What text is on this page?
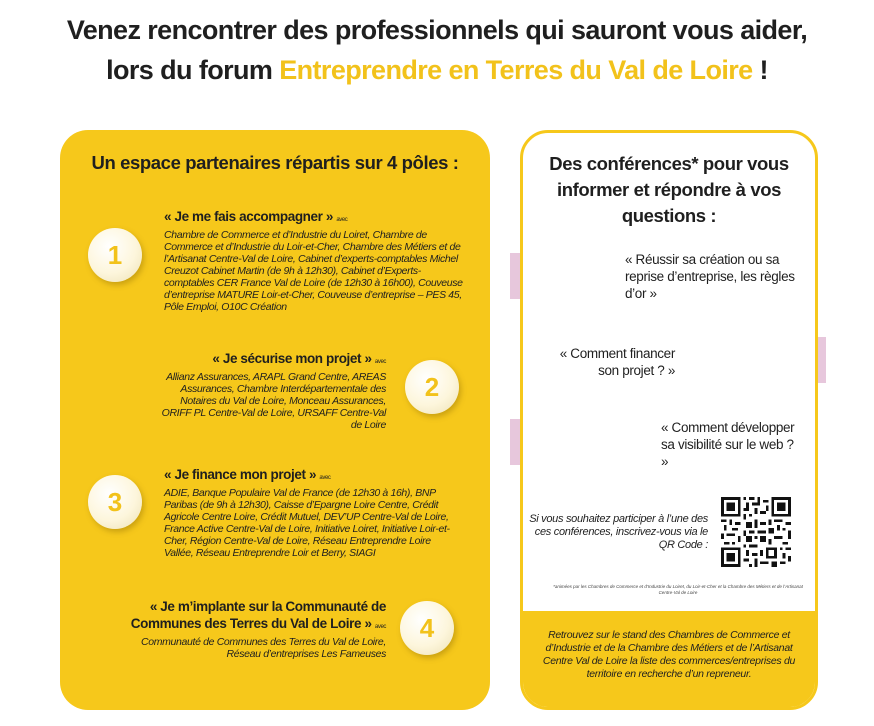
Venez rencontrer des professionnels qui sauront vous aider,
lors du forum Entreprendre en Terres du Val de Loire !
Un espace partenaires répartis sur 4 pôles :
1
« Je me fais accompagner » avec
Chambre de Commerce et d’Industrie du Loiret, Chambre de Commerce et d’Industrie du Loir-et-Cher, Chambre des Métiers et de l’Artisanat Centre-Val de Loire, Cabinet d’experts-comptables Michel Creuzot Cabinet Martin (de 9h à 12h30), Cabinet d’Experts-comptables CER France Val de Loire (de 12h30 à 16h00), Couveuse d’entreprise MATURE Loir-et-Cher, Couveuse d’entreprise – PES 45, Pôle Emploi, O10C Création
« Je sécurise mon projet » avec
Allianz Assurances, ARAPL Grand Centre, AREAS Assurances, Chambre Interdépartementale des Notaires du Val de Loire, Monceau Assurances, ORIFF PL Centre-Val de Loire, URSAFF Centre-Val de Loire
2
3
« Je finance mon projet » avec
ADIE, Banque Populaire Val de France (de 12h30 à 16h), BNP Paribas (de 9h à 12h30), Caisse d’Epargne Loire Centre, Crédit Agricole Centre Loire, Crédit Mutuel, DEV’UP Centre-Val de Loire, France Active Centre-Val de Loire, Initiative Loiret, Initiative Loir-et-Cher, Région Centre-Val de Loire, Réseau Entreprendre Loire Vallée, Réseau Entreprendre Loir et Berry, SIAGI
« Je m’implante sur la Communauté de
Communes des Terres du Val de Loire » avec
Communauté de Communes des Terres du Val de Loire, Réseau d’entreprises Les Fameuses
4
Des conférences* pour vous informer et répondre à vos questions :
« Réussir sa création ou sa reprise d’entreprise, les règles d’or »
« Comment financer son projet ? »
« Comment développer sa visibilité sur le web ? »
Si vous souhaitez participer à l’une des ces conférences, inscrivez-vous via le QR Code :
*animées par les Chambres de Commerce et d’Industrie du Loiret, du Loir-et-Cher et la Chambre des Métiers et de l’Artisanat Centre-Val de Loire
Retrouvez sur le stand des Chambres de Commerce et d’Industrie et de la Chambre des Métiers et de l’Artisanat Centre Val de Loire la liste des commerces/entreprises du territoire en recherche d’un repreneur.
